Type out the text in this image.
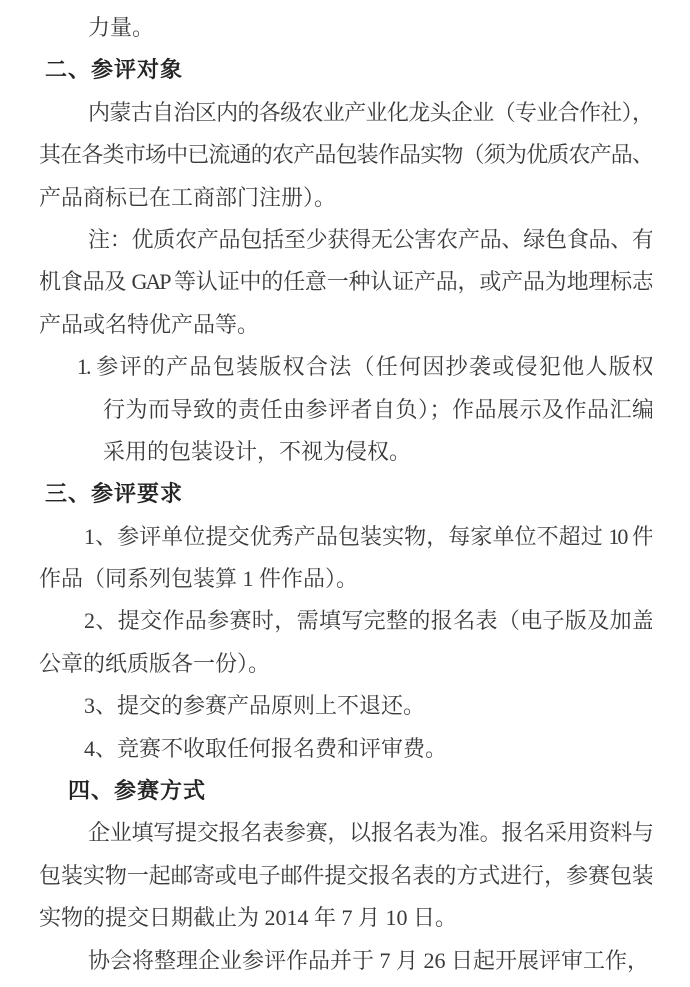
力量。
二、参评对象
内蒙古自治区内的各级农业产业化龙头企业（专业合作社），
其在各类市场中已流通的农产品包装作品实物（须为优质农产品、
产品商标已在工商部门注册）。
注：优质农产品包括至少获得无公害农产品、绿色食品、有
机食品及 GAP 等认证中的任意一种认证产品，或产品为地理标志
产品或名特优产品等。
1. 参评的产品包装版权合法（任何因抄袭或侵犯他人版权
行为而导致的责任由参评者自负）；作品展示及作品汇编
采用的包装设计，不视为侵权。
三、参评要求
1、参评单位提交优秀产品包装实物，每家单位不超过 10 件
作品（同系列包装算 1 件作品）。
2、提交作品参赛时，需填写完整的报名表（电子版及加盖
公章的纸质版各一份）。
3、提交的参赛产品原则上不退还。
4、竞赛不收取任何报名费和评审费。
四、参赛方式
企业填写提交报名表参赛，以报名表为准。报名采用资料与
包装实物一起邮寄或电子邮件提交报名表的方式进行，参赛包装
实物的提交日期截止为 2014 年 7 月 10 日。
协会将整理企业参评作品并于 7 月 26 日起开展评审工作，
